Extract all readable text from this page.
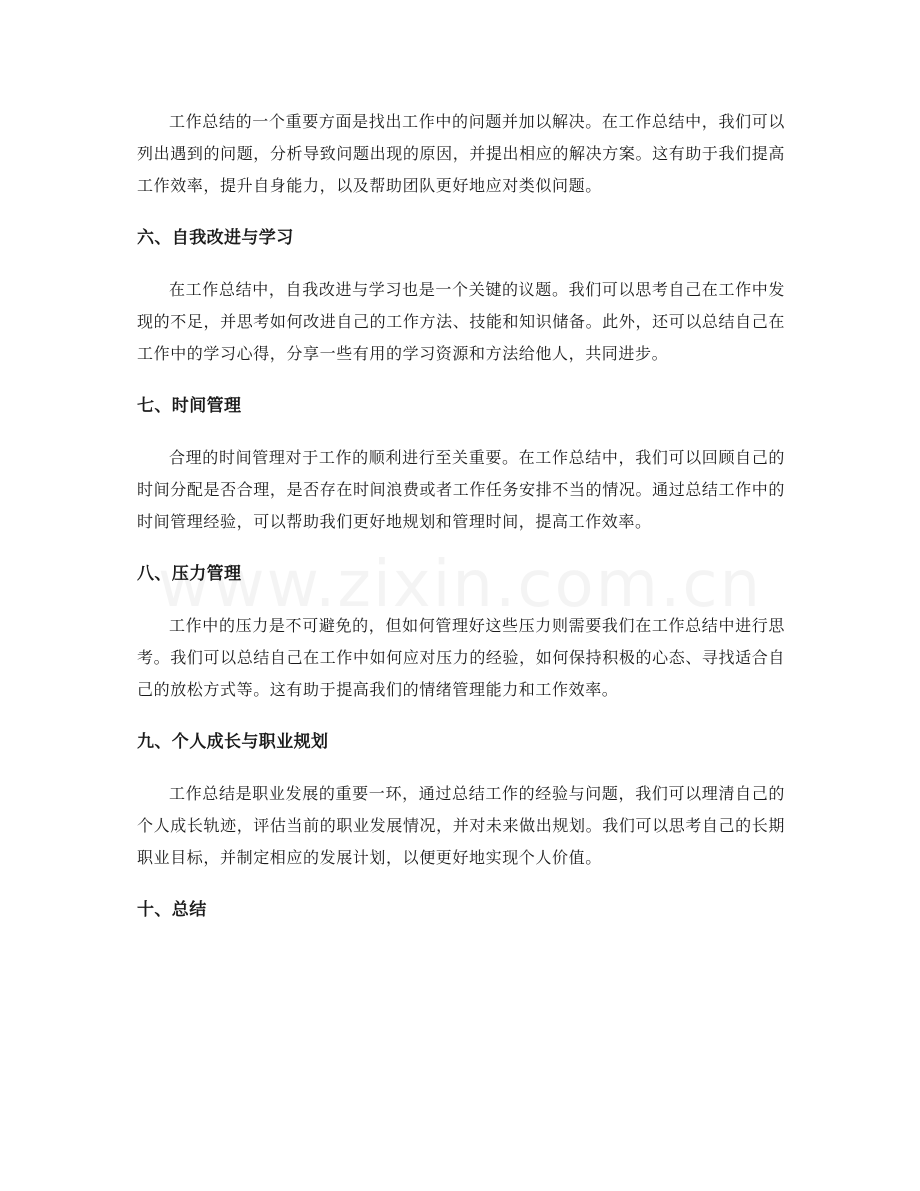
工作总结的一个重要方面是找出工作中的问题并加以解决。在工作总结中，我们可以列出遇到的问题，分析导致问题出现的原因，并提出相应的解决方案。这有助于我们提高工作效率，提升自身能力，以及帮助团队更好地应对类似问题。

六、自我改进与学习

在工作总结中，自我改进与学习也是一个关键的议题。我们可以思考自己在工作中发现的不足，并思考如何改进自己的工作方法、技能和知识储备。此外，还可以总结自己在工作中的学习心得，分享一些有用的学习资源和方法给他人，共同进步。

七、时间管理

合理的时间管理对于工作的顺利进行至关重要。在工作总结中，我们可以回顾自己的时间分配是否合理，是否存在时间浪费或者工作任务安排不当的情况。通过总结工作中的时间管理经验，可以帮助我们更好地规划和管理时间，提高工作效率。

八、压力管理

工作中的压力是不可避免的，但如何管理好这些压力则需要我们在工作总结中进行思考。我们可以总结自己在工作中如何应对压力的经验，如何保持积极的心态、寻找适合自己的放松方式等。这有助于提高我们的情绪管理能力和工作效率。

九、个人成长与职业规划

工作总结是职业发展的重要一环，通过总结工作的经验与问题，我们可以理清自己的个人成长轨迹，评估当前的职业发展情况，并对未来做出规划。我们可以思考自己的长期职业目标，并制定相应的发展计划，以便更好地实现个人价值。

十、总结
